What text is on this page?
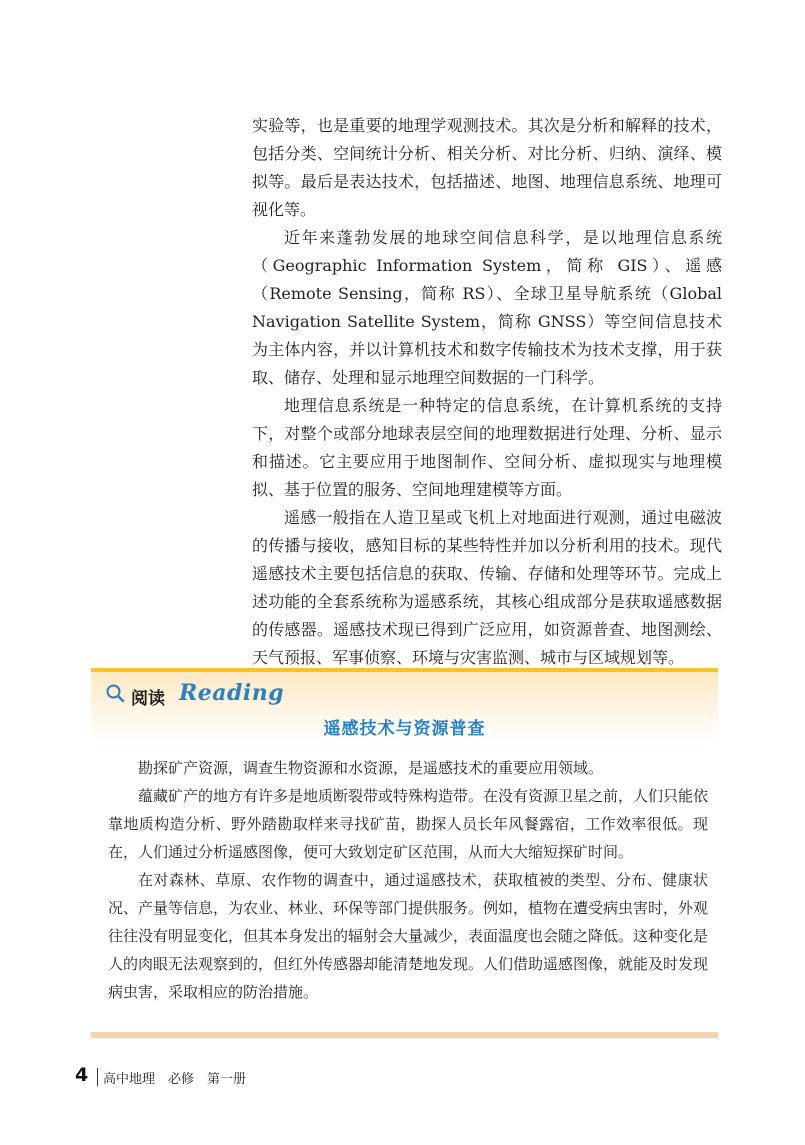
实验等，也是重要的地理学观测技术。其次是分析和解释的技术，包括分类、空间统计分析、相关分析、对比分析、归纳、演绎、模拟等。最后是表达技术，包括描述、地图、地理信息系统、地理可视化等。

近年来蓬勃发展的地球空间信息科学，是以地理信息系统（Geographic Information System，简称 GIS）、遥感（Remote Sensing，简称 RS）、全球卫星导航系统（Global Navigation Satellite System，简称 GNSS）等空间信息技术为主体内容，并以计算机技术和数字传输技术为技术支撑，用于获取、储存、处理和显示地理空间数据的一门科学。

地理信息系统是一种特定的信息系统，在计算机系统的支持下，对整个或部分地球表层空间的地理数据进行处理、分析、显示和描述。它主要应用于地图制作、空间分析、虚拟现实与地理模拟、基于位置的服务、空间地理建模等方面。

遥感一般指在人造卫星或飞机上对地面进行观测，通过电磁波的传播与接收，感知目标的某些特性并加以分析利用的技术。现代遥感技术主要包括信息的获取、传输、存储和处理等环节。完成上述功能的全套系统称为遥感系统，其核心组成部分是获取遥感数据的传感器。遥感技术现已得到广泛应用，如资源普查、地图测绘、天气预报、军事侦察、环境与灾害监测、城市与区域规划等。

阅读 Reading
遥感技术与资源普查

勘探矿产资源，调查生物资源和水资源，是遥感技术的重要应用领域。

蕴藏矿产的地方有许多是地质断裂带或特殊构造带。在没有资源卫星之前，人们只能依靠地质构造分析、野外踏勘取样来寻找矿苗，勘探人员长年风餐露宿，工作效率很低。现在，人们通过分析遥感图像，便可大致划定矿区范围，从而大大缩短探矿时间。

在对森林、草原、农作物的调查中，通过遥感技术，获取植被的类型、分布、健康状况、产量等信息，为农业、林业、环保等部门提供服务。例如，植物在遭受病虫害时，外观往往没有明显变化，但其本身发出的辐射会大量减少，表面温度也会随之降低。这种变化是人的肉眼无法观察到的，但红外传感器却能清楚地发现。人们借助遥感图像，就能及时发现病虫害，采取相应的防治措施。

4 高中地理　必修　第一册
